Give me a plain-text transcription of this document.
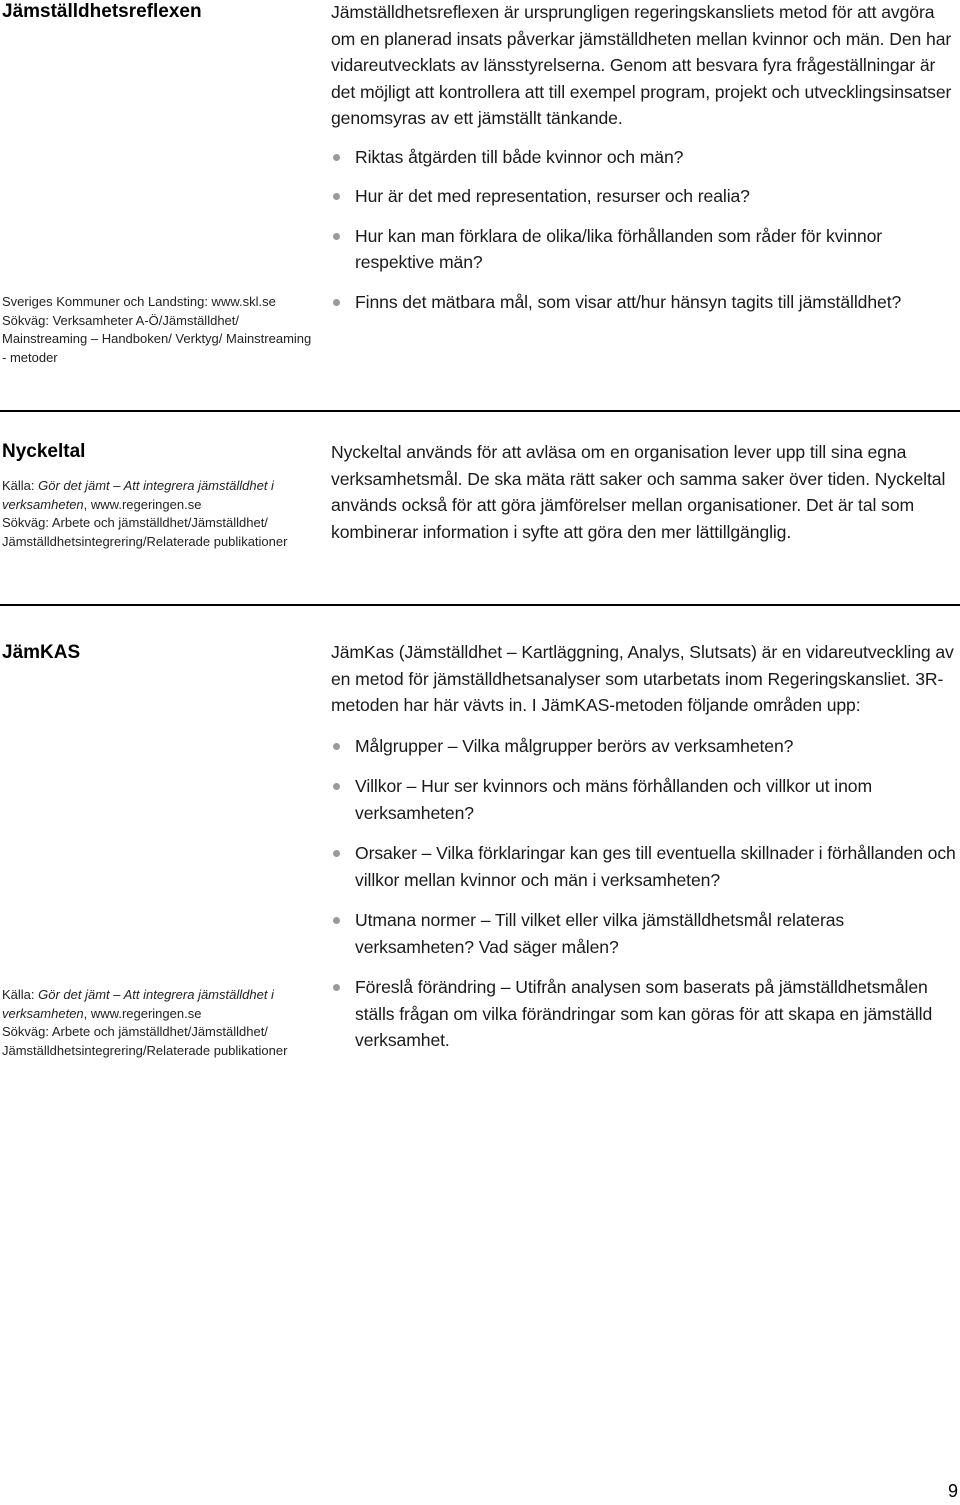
Jämställdhetsreflexen	Jämställdhetsreflexen är ursprungligen regeringskansliets metod för att avgöra om en planerad insats påverkar jämställdheten mellan kvinnor och män. Den har vidareutvecklats av länsstyrelserna. Genom att besvara fyra frågeställningar är det möjligt att kontrollera att till exempel program, projekt och utvecklingsinsatser genomsyras av ett jämställt tänkande.

Riktas åtgärden till både kvinnor och män?
Hur är det med representation, resurser och realia?
Hur kan man förklara de olika/lika förhållanden som råder för kvinnor respektive män?
Finns det mätbara mål, som visar att/hur hänsyn tagits till jämställdhet?

Sveriges Kommuner och Landsting: www.skl.se

Sökväg: Verksamheter A-Ö/Jämställdhet/ Mainstreaming – Handboken/ Verktyg/ Mainstreaming - metoder

Nyckeltal	Nyckeltal används för att avläsa om en organisation lever upp till sina egna verksamhetsmål. De ska mäta rätt saker och samma saker över tiden. Nyckeltal används också för att göra jämförelser mellan organisationer. Det är tal som kombinerar information i syfte att göra den mer lättillgänglig.

Källa: Gör det jämt – Att integrera jämställdhet i verksamheten, www.regeringen.se

Sökväg: Arbete och jämställdhet/Jämställdhet/ Jämställdhetsintegrering/Relaterade publikationer

JämKAS	JämKas (Jämställdhet – Kartläggning, Analys, Slutsats) är en vidareutveckling av en metod för jämställdhetsanalyser som utarbetats inom Regeringskansliet. 3R-metoden har här vävts in. I JämKAS-metoden följande områden upp:

Målgrupper – Vilka målgrupper berörs av verksamheten?
Villkor – Hur ser kvinnors och mäns förhållanden och villkor ut inom verksamheten?
Orsaker – Vilka förklaringar kan ges till eventuella skillnader i förhållanden och villkor mellan kvinnor och män i verksamheten?
Utmana normer – Till vilket eller vilka jämställdhetsmål relateras verksamheten? Vad säger målen?
Föreslå förändring – Utifrån analysen som baserats på jämställdhetsmålen ställs frågan om vilka förändringar som kan göras för att skapa en jämställd verksamhet.

Källa: Gör det jämt – Att integrera jämställdhet i verksamheten, www.regeringen.se

Sökväg: Arbete och jämställdhet/Jämställdhet/ Jämställdhetsintegrering/Relaterade publikationer

9
